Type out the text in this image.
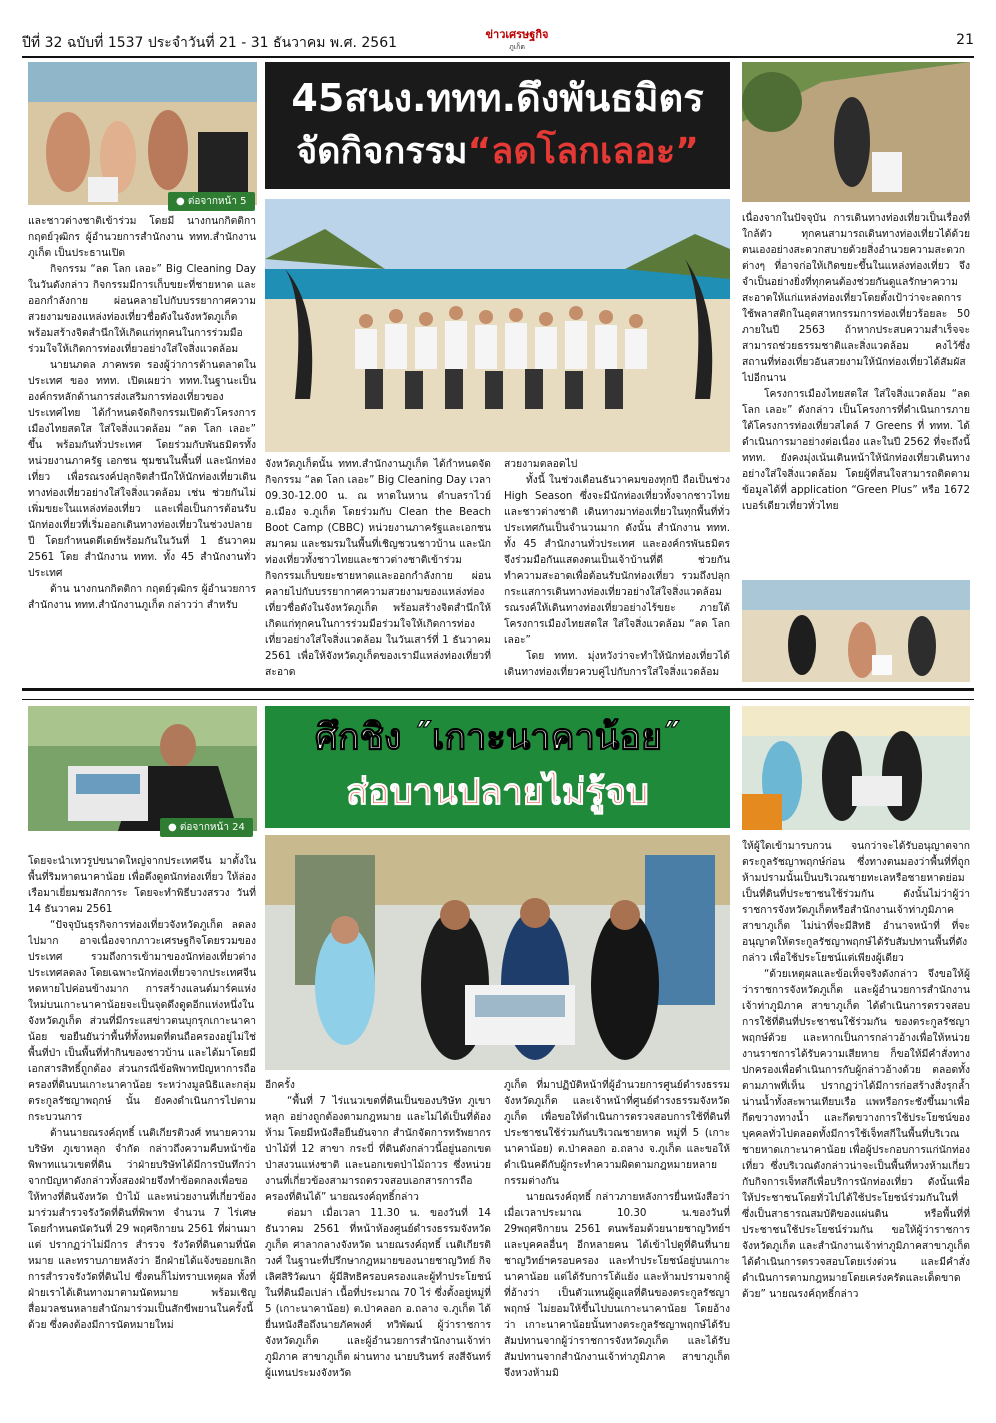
ปีที่ 32 ฉบับที่ 1537 ประจำวันที่ 21 - 31 ธันวาคม พ.ศ. 2561
ข่าวเศรษฐกิจ
ภูเก็ต	21
● ต่อจากหน้า 5
45สนง.ททท.ดึงพันธมิตร
จัดกิจกรรม“ลดโลกเลอะ”

และชาวต่างชาติเข้าร่วม โดยมี นางกนกกิตติกา กฤตย์วุฒิกร ผู้อำนวยการสำนักงาน ททท.สำนักงานภูเก็ต เป็นประธานเปิด

กิจกรรม “ลด โลก เลอะ” Big Cleaning Day ในวันดังกล่าว กิจกรรมมีการเก็บขยะที่ชายหาด และออกกำลังกาย ผ่อนคลายไปกับบรรยากาศความสวยงามของแหล่งท่องเที่ยวชื่อดังในจังหวัดภูเก็ต พร้อมสร้างจิตสำนึกให้เกิดแก่ทุกคนในการร่วมมือร่วมใจให้เกิดการท่องเที่ยวอย่างใส่ใจสิ่งแวดล้อม

นายนภดล ภาคพรต รองผู้ว่าการด้านตลาดในประเทศ ของ ททท. เปิดเผยว่า ททท.ในฐานะเป็นองค์กรหลักด้านการส่งเสริมการท่องเที่ยวของประเทศไทย ได้กำหนดจัดกิจกรรมเปิดตัวโครงการเมืองไทยสดใส ใส่ใจสิ่งแวดล้อม “ลด โลก เลอะ” ขึ้น พร้อมกันทั่วประเทศ โดยร่วมกับพันธมิตรทั้งหน่วยงานภาครัฐ เอกชน ชุมชนในพื้นที่ และนักท่องเที่ยว เพื่อรณรงค์ปลุกจิตสำนึกให้นักท่องเที่ยวเดินทางท่องเที่ยวอย่างใส่ใจสิ่งแวดล้อม เช่น ช่วยกันไม่เพิ่มขยะในแหล่งท่องเที่ยว และเพื่อเป็นการต้อนรับนักท่องเที่ยวที่เริ่มออกเดินทางท่องเที่ยวในช่วงปลายปี โดยกำหนดดีเดย์พร้อมกันในวันที่ 1 ธันวาคม 2561 โดย สำนักงาน ททท. ทั้ง 45 สำนักงานทั่วประเทศ

ด้าน นางกนกกิตติกา กฤตย์วุฒิกร ผู้อำนวยการสำนักงาน ททท.สำนักงานภูเก็ต กล่าวว่า สำหรับ

จังหวัดภูเก็ตนั้น ททท.สำนักงานภูเก็ต ได้กำหนดจัดกิจกรรม “ลด โลก เลอะ” Big Cleaning Day เวลา 09.30-12.00 น. ณ หาดในหาน ตำบลราไวย์ อ.เมือง จ.ภูเก็ต โดยร่วมกับ Clean the Beach Boot Camp (CBBC) หน่วยงานภาครัฐและเอกชน สมาคม และชมรมในพื้นที่เชิญชวนชาวบ้าน และนักท่องเที่ยวทั้งชาวไทยและชาวต่างชาติเข้าร่วมกิจกรรมเก็บขยะชายหาดและออกกำลังกาย ผ่อนคลายไปกับบรรยากาศความสวยงามของแหล่งท่องเที่ยวชื่อดังในจังหวัดภูเก็ต พร้อมสร้างจิตสำนึกให้เกิดแก่ทุกคนในการร่วมมือร่วมใจให้เกิดการท่องเที่ยวอย่างใส่ใจสิ่งแวดล้อม ในวันเสาร์ที่ 1 ธันวาคม 2561 เพื่อให้จังหวัดภูเก็ตของเรามีแหล่งท่องเที่ยวที่สะอาด

สวยงามตลอดไป

ทั้งนี้ ในช่วงเดือนธันวาคมของทุกปี ถือเป็นช่วง High Season ซึ่งจะมีนักท่องเที่ยวทั้งจากชาวไทยและชาวต่างชาติ เดินทางมาท่องเที่ยวในทุกพื้นที่ทั่วประเทศกันเป็นจำนวนมาก ดังนั้น สำนักงาน ททท. ทั้ง 45 สำนักงานทั่วประเทศ และองค์กรพันธมิตร จึงร่วมมือกันแสดงตนเป็นเจ้าบ้านที่ดี ช่วยกันทำความสะอาดเพื่อต้อนรับนักท่องเที่ยว รวมถึงปลุกกระแสการเดินทางท่องเที่ยวอย่างใส่ใจสิ่งแวดล้อม รณรงค์ให้เดินทางท่องเที่ยวอย่างไร้ขยะ ภายใต้โครงการเมืองไทยสดใส ใส่ใจสิ่งแวดล้อม “ลด โลก เลอะ”

โดย ททท. มุ่งหวังว่าจะทำให้นักท่องเที่ยวได้เดินทางท่องเที่ยวควบคู่ไปกับการใส่ใจสิ่งแวดล้อม

เนื่องจากในปัจจุบัน การเดินทางท่องเที่ยวเป็นเรื่องที่ใกล้ตัว ทุกคนสามารถเดินทางท่องเที่ยวได้ด้วยตนเองอย่างสะดวกสบายด้วยสิ่งอำนวยความสะดวกต่างๆ ที่อาจก่อให้เกิดขยะขึ้นในแหล่งท่องเที่ยว จึงจำเป็นอย่างยิ่งที่ทุกคนต้องช่วยกันดูแลรักษาความสะอาดให้แก่แหล่งท่องเที่ยวโดยตั้งเป้าว่าจะลดการใช้พลาสติกในอุตสาหกรรมการท่องเที่ยวร้อยละ 50 ภายในปี 2563 ถ้าหากประสบความสำเร็จจะสามารถช่วยธรรมชาติและสิ่งแวดล้อม คงไว้ซึ่งสถานที่ท่องเที่ยวอันสวยงามให้นักท่องเที่ยวได้สัมผัสไปอีกนาน

โครงการเมืองไทยสดใส ใส่ใจสิ่งแวดล้อม “ลด โลก เลอะ” ดังกล่าว เป็นโครงการที่ดำเนินการภายใต้โครงการท่องเที่ยวสไตล์ 7 Greens ที่ ททท. ได้ดำเนินการมาอย่างต่อเนื่อง และในปี 2562 ที่จะถึงนี้ ททท. ยังคงมุ่งเน้นเดินหน้าให้นักท่องเที่ยวเดินทางอย่างใส่ใจสิ่งแวดล้อม โดยผู้ที่สนใจสามารถติดตามข้อมูลได้ที่ application “Green Plus” หรือ 1672 เบอร์เดียวเที่ยวทั่วไทย

● ต่อจากหน้า 24
ศึกชิง ˝เกาะนาคาน้อย˝
ส่อบานปลายไม่รู้จบ

โดยจะนำเทวรูปขนาดใหญ่จากประเทศจีน มาตั้งในพื้นที่ริมหาดนาคาน้อย เพื่อดึงดูดนักท่องเที่ยว ให้ล่องเรือมาเยี่ยมชมสักการะ โดยจะทำพิธีบวงสรวง วันที่ 14 ธันวาคม 2561

“ปัจจุบันธุรกิจการท่องเที่ยวจังหวัดภูเก็ต ลดลงไปมาก อาจเนื่องจากภาวะเศรษฐกิจโดยรวมของประเทศ รวมถึงการเข้ามาของนักท่องเที่ยวต่างประเทศลดลง โดยเฉพาะนักท่องเที่ยวจากประเทศจีนหดหายไปค่อนข้างมาก การสร้างแลนด์มาร์คแห่งใหม่บนเกาะนาคาน้อยจะเป็นจุดดึงดูดอีกแห่งหนึ่งในจังหวัดภูเก็ต ส่วนที่มีกระแสข่าวตนบุกรุกเกาะนาคาน้อย ขอยืนยันว่าพื้นที่ทั้งหมดที่ตนถือครองอยู่ไม่ใช่พื้นที่ป่า เป็นพื้นที่ทำกินของชาวบ้าน และได้มาโดยมีเอกสารสิทธิ์ถูกต้อง ส่วนกรณีข้อพิพาทปัญหาการถือครองที่ดินบนเกาะนาคาน้อย ระหว่างมูลนิธิและกลุ่มตระกูลรัชญาพฤกษ์ นั้น ยังคงดำเนินการไปตามกระบวนการ

ด้านนายณรงค์ฤทธิ์ เนติเกียรติวงศ์ ทนายความบริษัท ภูเขาหลุก จำกัด กล่าวถึงความคืบหน้าข้อพิพาทแนวเขตที่ดิน ว่าฝ่ายบริษัทได้มีการบันทึกว่า จากปัญหาดังกล่าวทั้งสองฝ่ายจึงทำข้อตกลงเพื่อขอให้ทางที่ดินจังหวัด ปำไม้ และหน่วยงานที่เกี่ยวข้องมาร่วมสำรวจรังวัดที่ดินที่พิพาท จำนวน 7 ไร่เศษ โดยกำหนดนัดวันที่ 29 พฤศจิกายน 2561 ที่ผ่านมาแต่ ปรากฏว่าไม่มีการ สำรวจ รังวัดที่ดินตามที่นัดหมาย และทราบภายหลังว่า อีกฝ่ายได้แจ้งขอยกเลิกการสำรวจรังวัดที่ดินไป ซึ่งตนก็ไม่ทราบเหตุผล ทั้งที่ฝ่ายเราได้เดินทางมาตามนัดหมาย พร้อมเชิญสื่อมวลชนหลายสำนักมาร่วมเป็นสักขีพยานในครั้งนี้ด้วย ซึ่งคงต้องมีการนัดหมายใหม่

อีกครั้ง

“พื้นที่ 7 ไร่แนวเขตที่ดินเป็นของบริษัท ภูเขาหลุก อย่างถูกต้องตามกฎหมาย และไม่ได้เป็นที่ต้องห้าม โดยมีหนังสือยืนยันจาก สำนักจัดการทรัพยากรป่าไม้ที่ 12 สาขา กระบี่ ที่ดินดังกล่าวนี้อยู่นอกเขตป่าสงวนแห่งชาติ และนอกเขตป่าไม้ถาวร ซึ่งหน่วยงานที่เกี่ยวข้องสามารถตรวจสอบเอกสารการถือครองที่ดินได้” นายณรงค์ฤทธิ์กล่าว

ต่อมา เมื่อเวลา 11.30 น. ของวันที่ 14 ธันวาคม 2561 ที่หน้าห้องศูนย์ดำรงธรรมจังหวัดภูเก็ต ศาลากลางจังหวัด นายณรงค์ฤทธิ์ เนติเกียรติวงศ์ ในฐานะที่ปรึกษากฎหมายของนายชาญวิทย์ กิจเลิศสิริวัฒนา ผู้มีสิทธิครอบครองและผู้ทำประโยชน์ในที่ดินมือเปล่า เนื้อที่ประมาณ 70 ไร่ ซึ่งตั้งอยู่หมู่ที่ 5 (เกาะนาคาน้อย) ต.ป่าคลอก อ.ถลาง จ.ภูเก็ต ได้ยื่นหนังสือถึงนายภัคพงศ์ ทวิพัฒน์ ผู้ว่าราชการจังหวัดภูเก็ต และผู้อำนวยการสำนักงานเจ้าท่าภูมิภาค สาขาภูเก็ต ผ่านทาง นายบรินทร์ สงสีจันทร์ ผู้แทนประมงจังหวัด

ภูเก็ต ที่มาปฏิบัติหน้าที่ผู้อำนวยการศูนย์ดำรงธรรมจังหวัดภูเก็ต และเจ้าหน้าที่ศูนย์ดำรงธรรมจังหวัดภูเก็ต เพื่อขอให้ดำเนินการตรวจสอบการใช้ที่ดินที่ประชาชนใช้ร่วมกันบริเวณชายหาด หมู่ที่ 5 (เกาะนาคาน้อย) ต.ป่าคลอก อ.ถลาง จ.ภูเก็ต และขอให้ดำเนินคดีกับผู้กระทำความผิดตามกฎหมายหลายกรรมต่างกัน

นายณรงค์ฤทธิ์ กล่าวภายหลังการยื่นหนังสือว่า เมื่อเวลาประมาณ 10.30 น.ของวันที่ 29พฤศจิกายน 2561 ตนพร้อมด้วยนายชาญวิทย์ฯ และบุคคลอื่นๆ อีกหลายคน ได้เข้าไปดูที่ดินที่นายชาญวิทย์ฯครอบครอง และทำประโยชน์อยู่บนเกาะนาคาน้อย แต่ได้รับการโต้แย้ง และห้ามปรามจากผู้ที่อ้างว่า เป็นตัวแทนผู้ดูแลที่ดินของตระกูลรัชญาพฤกษ์ ไม่ยอมให้ขึ้นไปบนเกาะนาคาน้อย โดยอ้างว่า เกาะนาคาน้อยนั้นทางตระกูลรัชญาพฤกษ์ได้รับสัมปทานจากผู้ว่าราชการจังหวัดภูเก็ต และได้รับสัมปทานจากสำนักงานเจ้าท่าภูมิภาค สาขาภูเก็ต จึงหวงห้ามมิ

ให้ผู้ใดเข้ามารบกวน จนกว่าจะได้รับอนุญาตจากตระกูลรัชญาพฤกษ์ก่อน ซึ่งทางตนมองว่าพื้นที่ที่ถูกห้ามปรามนั้นเป็นบริเวณชายทะเลหรือชายหาดย่อมเป็นที่ดินที่ประชาชนใช้ร่วมกัน ดังนั้นไม่ว่าผู้ว่าราชการจังหวัดภูเก็ตหรือสำนักงานเจ้าท่าภูมิภาค สาขาภูเก็ต ไม่น่าที่จะมีสิทธิ อำนาจหน้าที่ ที่จะอนุญาตให้ตระกูลรัชญาพฤกษ์ได้รับสัมปทานพื้นที่ดังกล่าว เพื่อใช้ประโยชน์แต่เพียงผู้เดียว

“ด้วยเหตุผลและข้อเท็จจริงดังกล่าว จึงขอให้ผู้ว่าราชการจังหวัดภูเก็ต และผู้อำนวยการสำนักงานเจ้าท่าภูมิภาค สาขาภูเก็ต ได้ดำเนินการตรวจสอบการใช้ที่ดินที่ประชาชนใช้ร่วมกัน ของตระกูลรัชญาพฤกษ์ด้วย และหากเป็นการกล่าวอ้างเพื่อให้หน่วยงานราชการได้รับความเสียหาย ก็ขอให้มีคำสั่งทางปกครองเพื่อดำเนินการกับผู้กล่าวอ้างด้วย ตลอดทั้งตามภาพที่เห็น ปรากฏว่าได้มีการก่อสร้างสิ่งรุกล้ำน่านน้ำทั้งสะพานเทียบเรือ แพหรือกระชังขึ้นมาเพื่อกีดขวางทางน้ำ และกีดขวางการใช้ประโยชน์ของบุคคลทั่วไปตลอดทั้งมีการใช้เจ็ทสกีในพื้นที่บริเวณชายหาดเกาะนาคาน้อย เพื่อผู้ประกอบการแก่นักท่องเที่ยว ซึ่งบริเวณดังกล่าวน่าจะเป็นพื้นที่หวงห้ามเกี่ยวกับกิจการเจ็ทสกีเพื่อบริการนักท่องเที่ยว ดังนั้นเพื่อให้ประชาชนโดยทั่วไปได้ใช้ประโยชน์ร่วมกันในที่ซึ่งเป็นสาธารณสมบัติของแผ่นดิน หรือพื้นที่ที่ประชาชนใช้ประโยชน์ร่วมกัน ขอให้ผู้ว่าราชการจังหวัดภูเก็ต และสำนักงานเจ้าท่าภูมิภาคสาขาภูเก็ต ได้ดำเนินการตรวจสอบโดยเร่งด่วน และมีคำสั่งดำเนินการตามกฎหมายโดยเคร่งครัดและเด็ดขาดด้วย” นายณรงค์ฤทธิ์กล่าว
